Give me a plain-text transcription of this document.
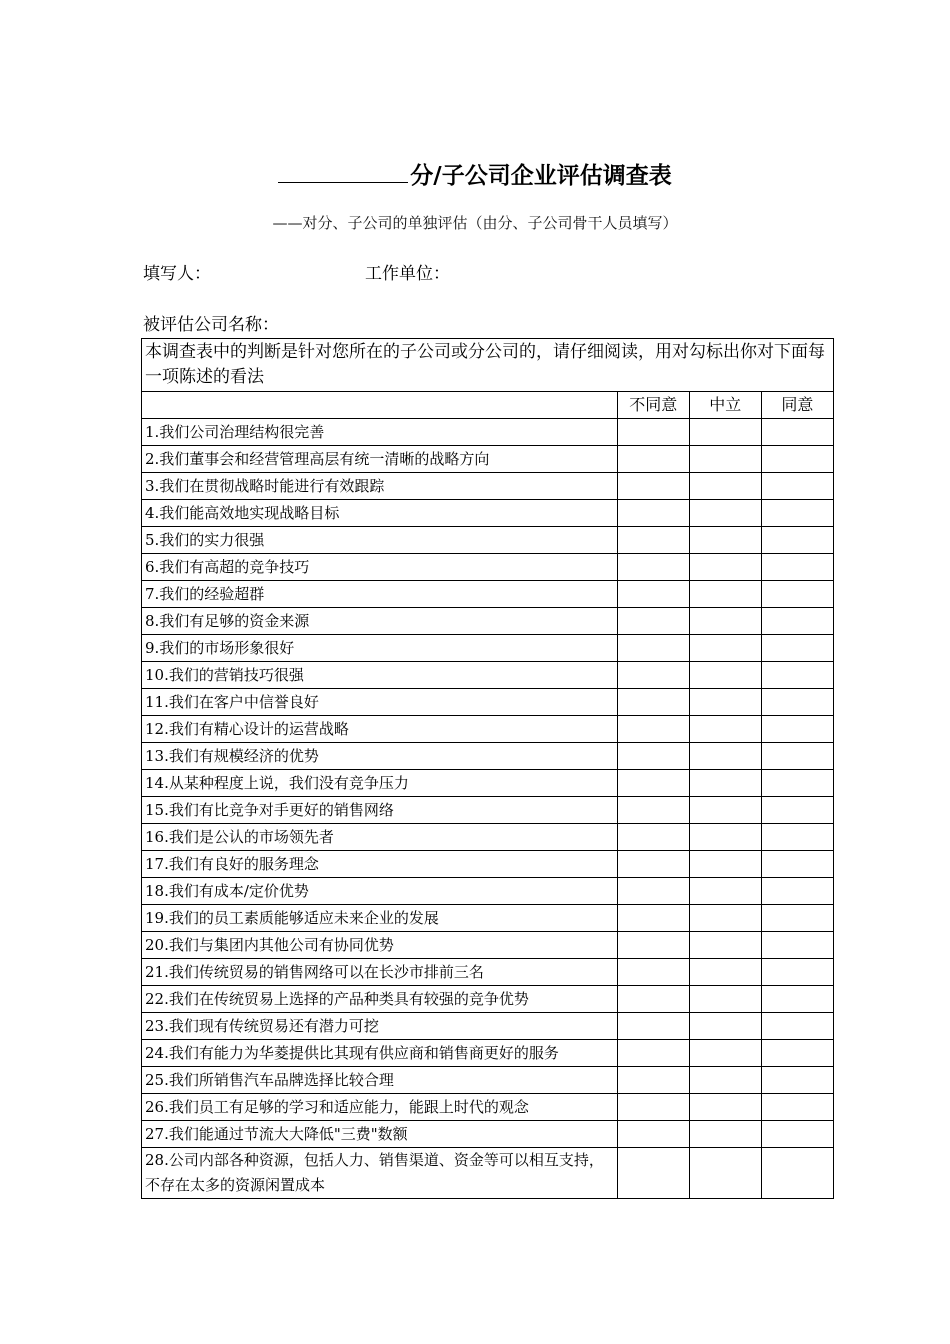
分/子公司企业评估调查表
——对分、子公司的单独评估（由分、子公司骨干人员填写）
填写人：	工作单位：
被评估公司名称：
本调查表中的判断是针对您所在的子公司或分公司的，请仔细阅读，用对勾标出你对下面每一项陈述的看法			
	不同意	中立	同意
1.我们公司治理结构很完善			
2.我们董事会和经营管理高层有统一清晰的战略方向			
3.我们在贯彻战略时能进行有效跟踪			
4.我们能高效地实现战略目标			
5.我们的实力很强			
6.我们有高超的竞争技巧			
7.我们的经验超群			
8.我们有足够的资金来源			
9.我们的市场形象很好			
10.我们的营销技巧很强			
11.我们在客户中信誉良好			
12.我们有精心设计的运营战略			
13.我们有规模经济的优势			
14.从某种程度上说，我们没有竞争压力			
15.我们有比竞争对手更好的销售网络			
16.我们是公认的市场领先者			
17.我们有良好的服务理念			
18.我们有成本/定价优势			
19.我们的员工素质能够适应未来企业的发展			
20.我们与集团内其他公司有协同优势			
21.我们传统贸易的销售网络可以在长沙市排前三名			
22.我们在传统贸易上选择的产品种类具有较强的竞争优势			
23.我们现有传统贸易还有潜力可挖			
24.我们有能力为华菱提供比其现有供应商和销售商更好的服务			
25.我们所销售汽车品牌选择比较合理			
26.我们员工有足够的学习和适应能力，能跟上时代的观念			
27.我们能通过节流大大降低"三费"数额			
28.公司内部各种资源，包括人力、销售渠道、资金等可以相互支持，不存在太多的资源闲置成本			
